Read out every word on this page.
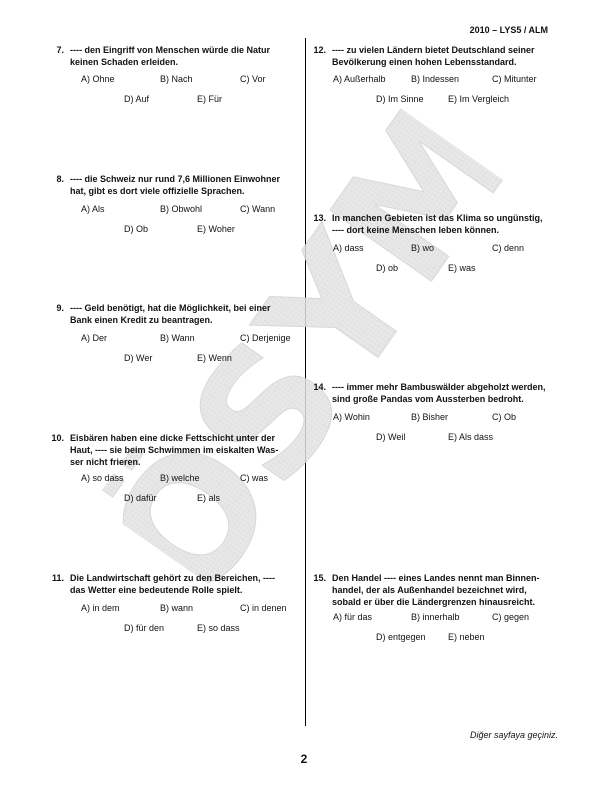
2010 – LYS5 / ALM
ÖSYM
7. ---- den Eingriff von Menschen würde die Natur
keinen Schaden erleiden.
A) Ohne	B) Nach	C) Vor
D) Auf	E) Für
8. ---- die Schweiz nur rund 7,6 Millionen Einwohner
hat, gibt es dort viele offizielle Sprachen.
A) Als	B) Obwohl	C) Wann
D) Ob	E) Woher
9. ---- Geld benötigt, hat die Möglichkeit, bei einer
Bank einen Kredit zu beantragen.
A) Der	B) Wann	C) Derjenige
D) Wer	E) Wenn
10. Eisbären haben eine dicke Fettschicht unter der
Haut, ---- sie beim Schwimmen im eiskalten Was-
ser nicht frieren.
A) so dass	B) welche	C) was
D) dafür	E) als
11. Die Landwirtschaft gehört zu den Bereichen, ----
das Wetter eine bedeutende Rolle spielt.
A) in dem	B) wann	C) in denen
D) für den	E) so dass
12. ---- zu vielen Ländern bietet Deutschland seiner
Bevölkerung einen hohen Lebensstandard.
A) Außerhalb	B) Indessen	C) Mitunter
D) Im Sinne	E) Im Vergleich
13. In manchen Gebieten ist das Klima so ungünstig,
---- dort keine Menschen leben können.
A) dass	B) wo	C) denn
D) ob	E) was
14. ---- immer mehr Bambuswälder abgeholzt werden,
sind große Pandas vom Aussterben bedroht.
A) Wohin	B) Bisher	C) Ob
D) Weil	E) Als dass
15. Den Handel ---- eines Landes nennt man Binnen-
handel, der als Außenhandel bezeichnet wird,
sobald er über die Ländergrenzen hinausreicht.
A) für das	B) innerhalb	C) gegen
D) entgegen E) neben
Diğer sayfaya geçiniz.
2
